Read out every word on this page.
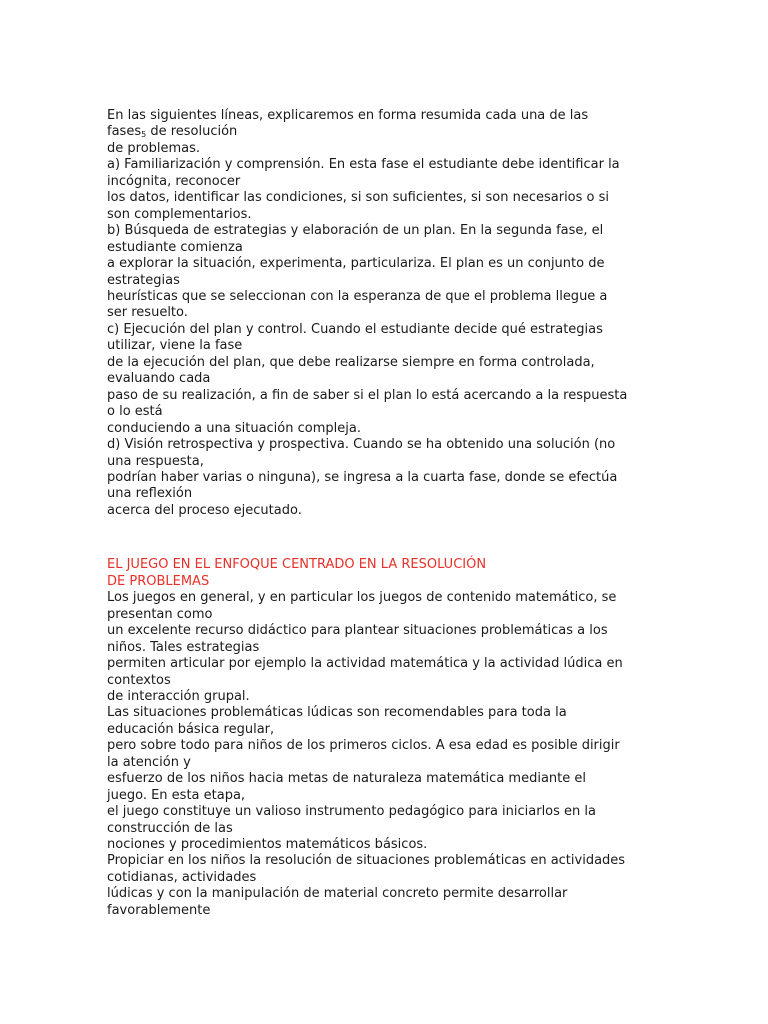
En las siguientes líneas, explicaremos en forma resumida cada una de las
fases$_5$ de resolución
de problemas.
a) Familiarización y comprensión. En esta fase el estudiante debe identificar la
incógnita, reconocer
los datos, identificar las condiciones, si son suficientes, si son necesarios o si
son complementarios.
b) Búsqueda de estrategias y elaboración de un plan. En la segunda fase, el
estudiante comienza
a explorar la situación, experimenta, particulariza. El plan es un conjunto de
estrategias
heurísticas que se seleccionan con la esperanza de que el problema llegue a
ser resuelto.
c) Ejecución del plan y control. Cuando el estudiante decide qué estrategias
utilizar, viene la fase
de la ejecución del plan, que debe realizarse siempre en forma controlada,
evaluando cada
paso de su realización, a fin de saber si el plan lo está acercando a la respuesta
o lo está
conduciendo a una situación compleja.
d) Visión retrospectiva y prospectiva. Cuando se ha obtenido una solución (no
una respuesta,
podrían haber varias o ninguna), se ingresa a la cuarta fase, donde se efectúa
una reflexión
acerca del proceso ejecutado.
EL JUEGO EN EL ENFOQUE CENTRADO EN LA RESOLUCIÓN
DE PROBLEMAS
Los juegos en general, y en particular los juegos de contenido matemático, se
presentan como
un excelente recurso didáctico para plantear situaciones problemáticas a los
niños. Tales estrategias
permiten articular por ejemplo la actividad matemática y la actividad lúdica en
contextos
de interacción grupal.
Las situaciones problemáticas lúdicas son recomendables para toda la
educación básica regular,
pero sobre todo para niños de los primeros ciclos. A esa edad es posible dirigir
la atención y
esfuerzo de los niños hacia metas de naturaleza matemática mediante el
juego. En esta etapa,
el juego constituye un valioso instrumento pedagógico para iniciarlos en la
construcción de las
nociones y procedimientos matemáticos básicos.
Propiciar en los niños la resolución de situaciones problemáticas en actividades
cotidianas, actividades
lúdicas y con la manipulación de material concreto permite desarrollar
favorablemente
